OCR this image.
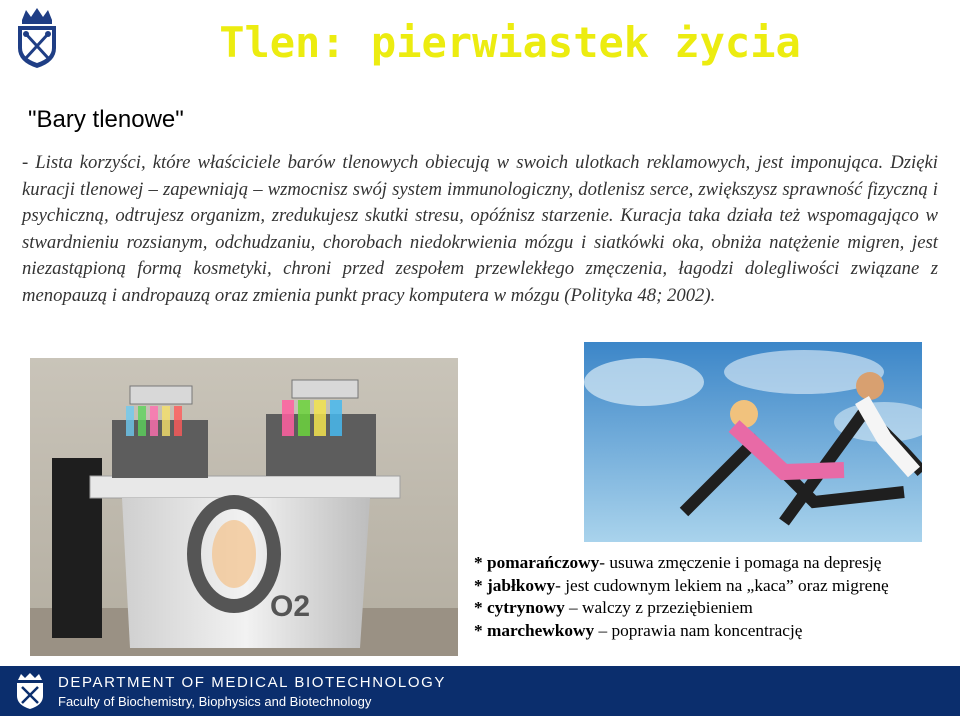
Tlen: pierwiastek życia
"Bary tlenowe"
- Lista korzyści, które właściciele barów tlenowych obiecują w swoich ulotkach reklamowych, jest imponująca. Dzięki kuracji tlenowej – zapewniają – wzmocnisz swój system immunologiczny, dotlenisz serce, zwiększysz sprawność fizyczną i psychiczną, odtrujesz organizm, zredukujesz skutki stresu, opóźnisz starzenie. Kuracja taka działa też wspomagająco w stwardnieniu rozsianym, odchudzaniu, chorobach niedokrwienia mózgu i siatkówki oka, obniża natężenie migren, jest niezastąpioną formą kosmetyki, chroni przed zespołem przewlekłego zmęczenia, łagodzi dolegliwości związane z menopauzą i andropauzą oraz zmienia punkt pracy komputera w mózgu (Polityka 48; 2002).
O2
* pomarańczowy- usuwa zmęczenie i pomaga na depresję
* jabłkowy- jest cudownym lekiem na „kaca” oraz migrenę
* cytrynowy – walczy z przeziębieniem
* marchewkowy – poprawia nam koncentrację
DEPARTMENT OF MEDICAL BIOTECHNOLOGY
Faculty of Biochemistry, Biophysics and Biotechnology
